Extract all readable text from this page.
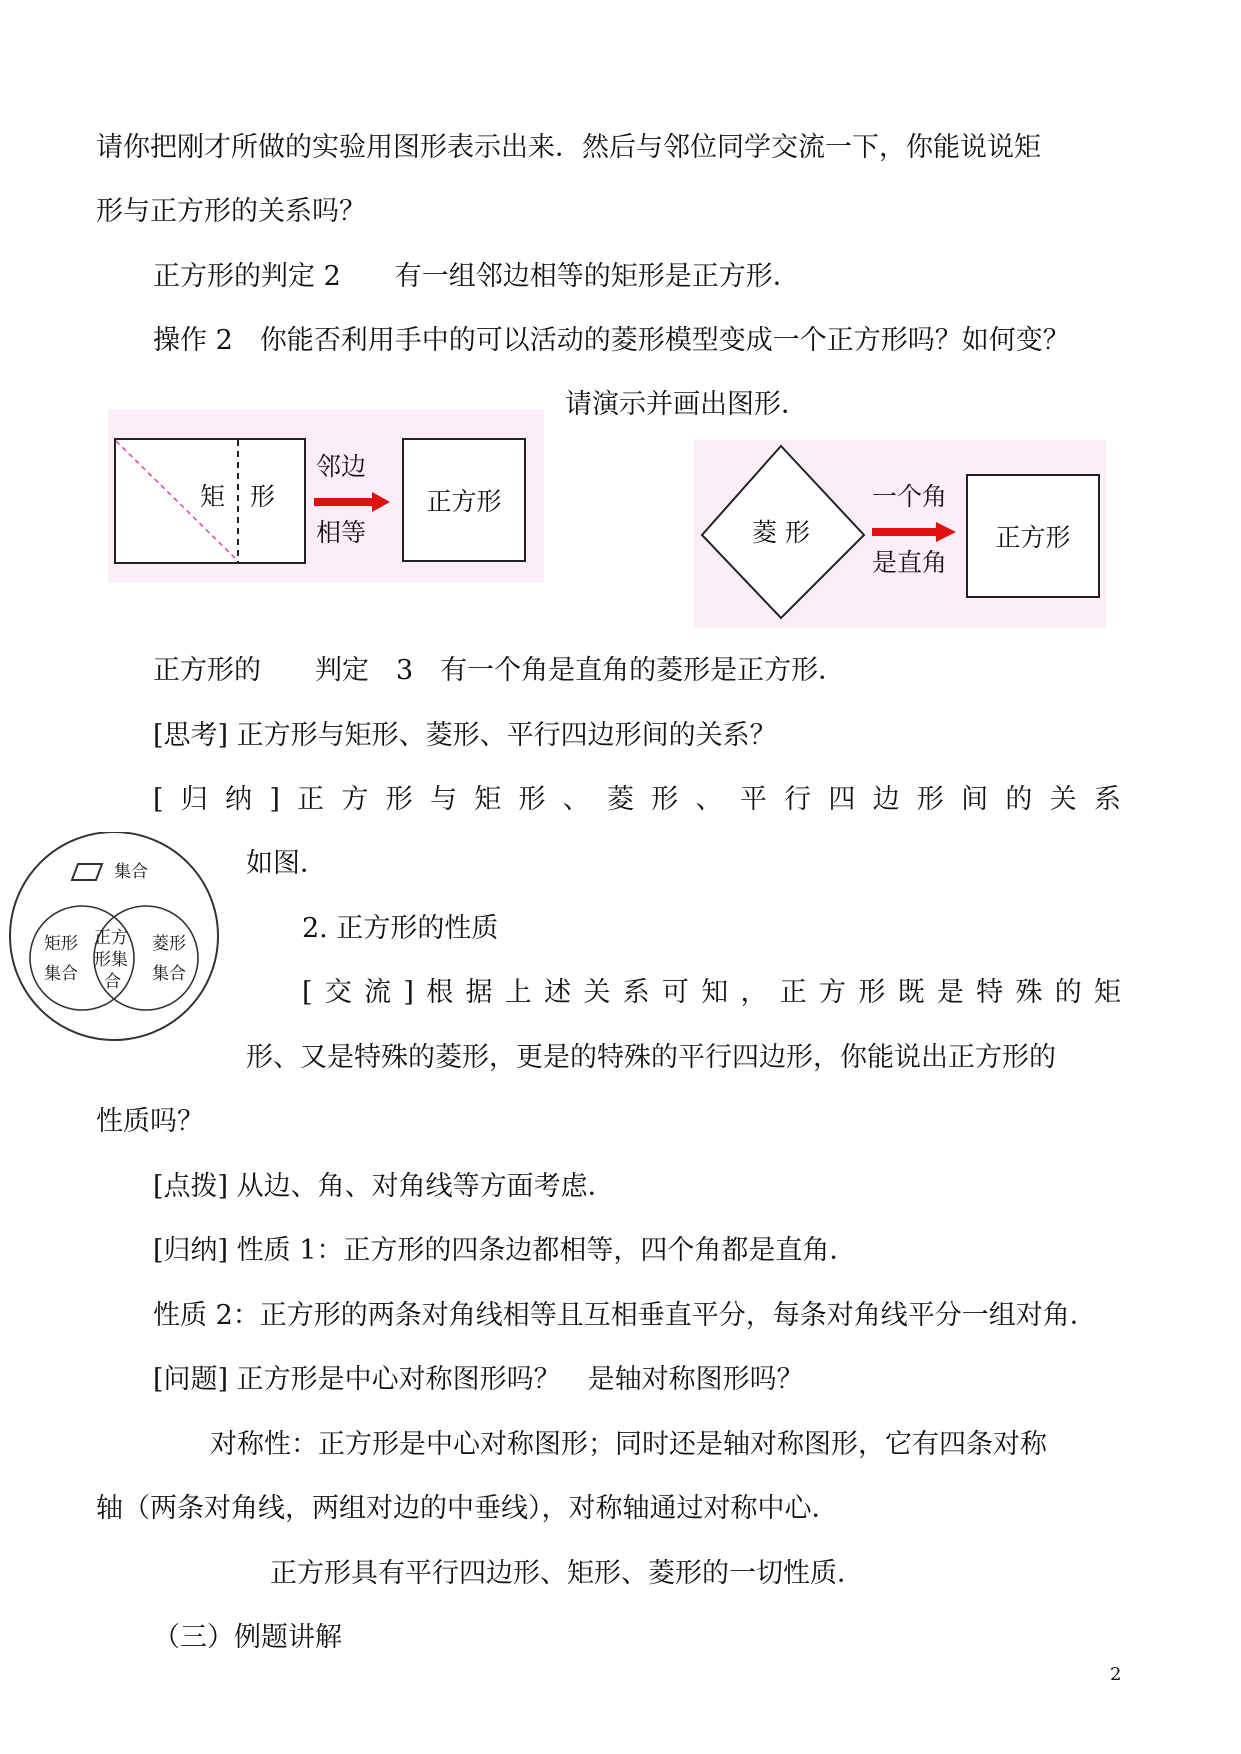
请你把刚才所做的实验用图形表示出来．然后与邻位同学交流一下，你能说说矩
形与正方形的关系吗？
正方形的判定 2　　有一组邻边相等的矩形是正方形．
操作 2　你能否利用手中的可以活动的菱形模型变成一个正方形吗？如何变？
请演示并画出图形．
矩 形
邻边
相等
正方形
菱 形
一个角
是直角
正方形
正方形的　　判定　3　有一个角是直角的菱形是正方形．
[思考] 正方形与矩形、菱形、平行四边形间的关系？
[ 归 纳 ] 正 方 形 与 矩 形 、 菱 形 、 平 行 四 边 形 间 的 关 系
集合
矩形
集合
正方
形集
合
菱形
集合
如图．
2. 正方形的性质
[ 交 流 ] 根 据 上 述 关 系 可 知 ， 正 方 形 既 是 特 殊 的 矩
形、又是特殊的菱形，更是的特殊的平行四边形，你能说出正方形的
性质吗？
[点拨] 从边、角、对角线等方面考虑．
[归纳] 性质 1：正方形的四条边都相等，四个角都是直角．
性质 2：正方形的两条对角线相等且互相垂直平分，每条对角线平分一组对角．
[问题] 正方形是中心对称图形吗？　是轴对称图形吗？
对称性：正方形是中心对称图形；同时还是轴对称图形，它有四条对称
轴（两条对角线，两组对边的中垂线），对称轴通过对称中心．
正方形具有平行四边形、矩形、菱形的一切性质．
（三）例题讲解
2
